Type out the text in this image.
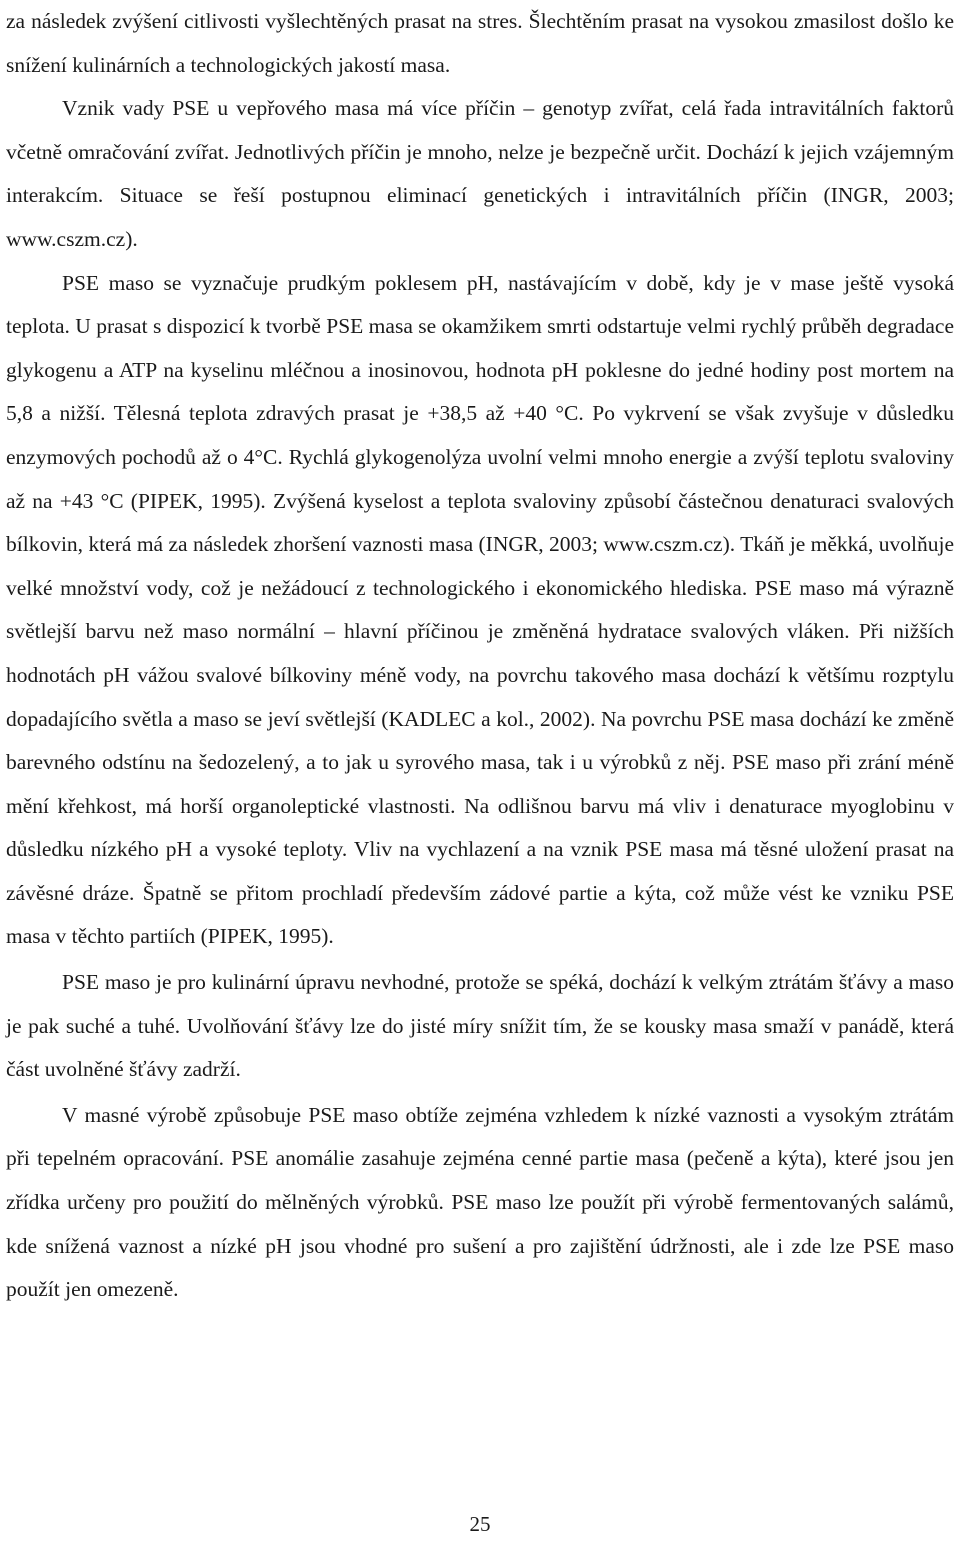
za následek zvýšení citlivosti vyšlechtěných prasat na stres. Šlechtěním prasat na vysokou zmasilost došlo ke snížení kulinárních a technologických jakostí masa.

Vznik vady PSE u vepřového masa má více příčin – genotyp zvířat, celá řada intravitálních faktorů včetně omračování zvířat. Jednotlivých příčin je mnoho, nelze je bezpečně určit. Dochází k jejich vzájemným interakcím. Situace se řeší postupnou eliminací genetických i intravitálních příčin (INGR, 2003; www.cszm.cz).

PSE maso se vyznačuje prudkým poklesem pH, nastávajícím v době, kdy je v mase ještě vysoká teplota. U prasat s dispozicí k tvorbě PSE masa se okamžikem smrti odstartuje velmi rychlý průběh degradace glykogenu a ATP na kyselinu mléčnou a inosinovou, hodnota pH poklesne do jedné hodiny post mortem na 5,8 a nižší. Tělesná teplota zdravých prasat je +38,5 až +40 °C. Po vykrvení se však zvyšuje v důsledku enzymových pochodů až o 4°C. Rychlá glykogenolýza uvolní velmi mnoho energie a zvýší teplotu svaloviny až na +43 °C (PIPEK, 1995). Zvýšená kyselost a teplota svaloviny způsobí částečnou denaturaci svalových bílkovin, která má za následek zhoršení vaznosti masa (INGR, 2003; www.cszm.cz). Tkáň je měkká, uvolňuje velké množství vody, což je nežádoucí z technologického i ekonomického hlediska. PSE maso má výrazně světlejší barvu než maso normální – hlavní příčinou je změněná hydratace svalových vláken. Při nižších hodnotách pH vážou svalové bílkoviny méně vody, na povrchu takového masa dochází k většímu rozptylu dopadajícího světla a maso se jeví světlejší (KADLEC a kol., 2002). Na povrchu PSE masa dochází ke změně barevného odstínu na šedozelený, a to jak u syrového masa, tak i u výrobků z něj. PSE maso při zrání méně mění křehkost, má horší organoleptické vlastnosti. Na odlišnou barvu má vliv i denaturace myoglobinu v důsledku nízkého pH a vysoké teploty. Vliv na vychlazení a na vznik PSE masa má těsné uložení prasat na závěsné dráze. Špatně se přitom prochladí především zádové partie a kýta, což může vést ke vzniku PSE masa v těchto partiích (PIPEK, 1995).

PSE maso je pro kulinární úpravu nevhodné, protože se spéká, dochází k velkým ztrátám šťávy a maso je pak suché a tuhé. Uvolňování šťávy lze do jisté míry snížit tím, že se kousky masa smaží v panádě, která část uvolněné šťávy zadrží.

V masné výrobě způsobuje PSE maso obtíže zejména vzhledem k nízké vaznosti a vysokým ztrátám při tepelném opracování. PSE anomálie zasahuje zejména cenné partie masa (pečeně a kýta), které jsou jen zřídka určeny pro použití do mělněných výrobků. PSE maso lze použít při výrobě fermentovaných salámů, kde snížená vaznost a nízké pH jsou vhodné pro sušení a pro zajištění údržnosti, ale i zde lze PSE maso použít jen omezeně.

25
